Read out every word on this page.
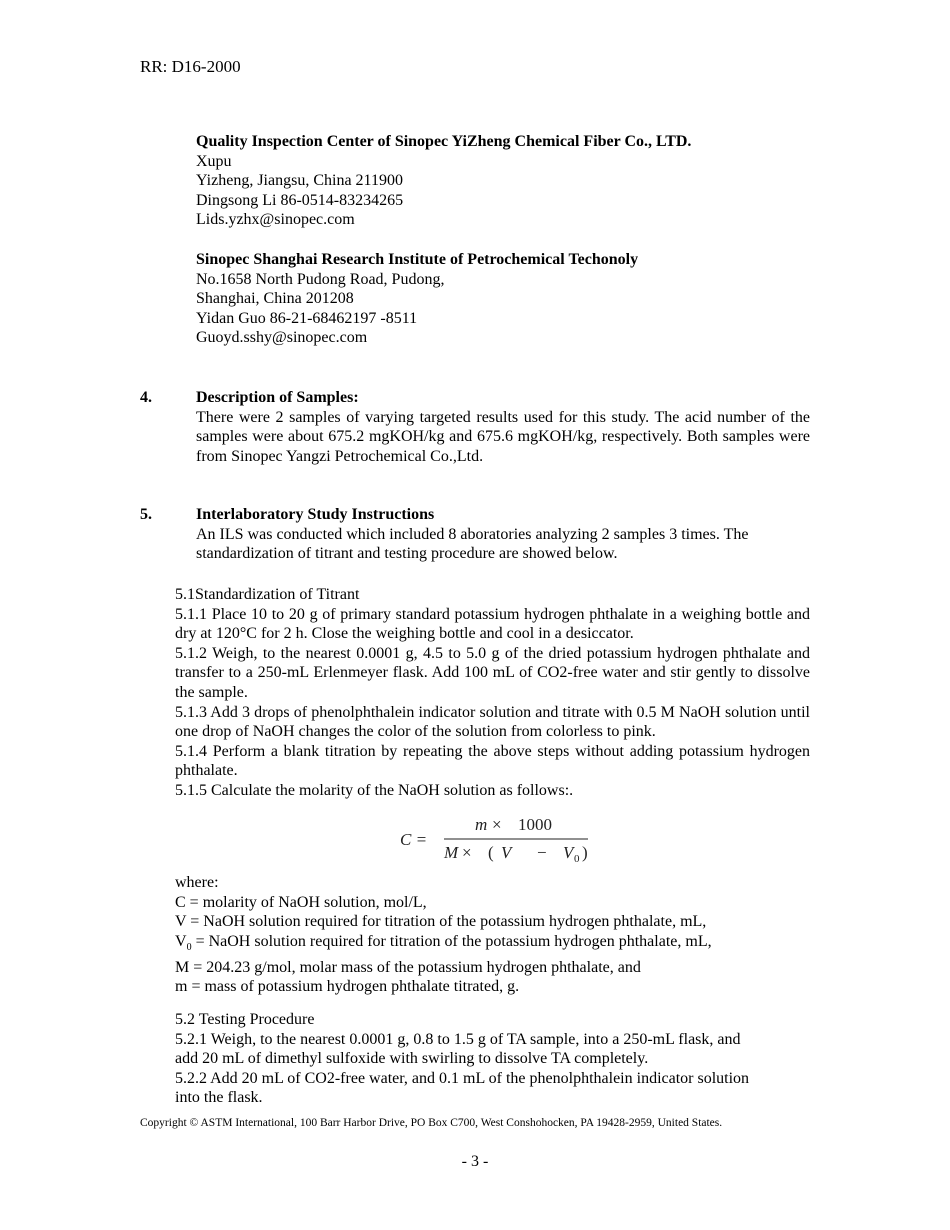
RR: D16-2000
Quality Inspection Center of Sinopec YiZheng Chemical Fiber Co., LTD.
Xupu
Yizheng, Jiangsu, China 211900
Dingsong Li 86-0514-83234265
Lids.yzhx@sinopec.com
Sinopec Shanghai Research Institute of Petrochemical Techonoly
No.1658 North Pudong Road, Pudong,
Shanghai, China 201208
Yidan Guo 86-21-68462197 -8511
Guoyd.sshy@sinopec.com
4.	Description of Samples:
There were 2 samples of varying targeted results used for this study. The acid number of the samples were about 675.2 mgKOH/kg and 675.6 mgKOH/kg, respectively. Both samples were from Sinopec Yangzi Petrochemical Co.,Ltd.
5.	Interlaboratory Study Instructions
An ILS was conducted which included 8 aboratories analyzing 2 samples 3 times. The
standardization of titrant and testing procedure are showed below.
5.1Standardization of Titrant
5.1.1 Place 10 to 20 g of primary standard potassium hydrogen phthalate in a weighing bottle and dry at 120°C for 2 h. Close the weighing bottle and cool in a desiccator.
5.1.2 Weigh, to the nearest 0.0001 g, 4.5 to 5.0 g of the dried potassium hydrogen phthalate and transfer to a 250-mL Erlenmeyer flask. Add 100 mL of CO2-free water and stir gently to dissolve the sample.
5.1.3 Add 3 drops of phenolphthalein indicator solution and titrate with 0.5 M NaOH solution until one drop of NaOH changes the color of the solution from colorless to pink.
5.1.4 Perform a blank titration by repeating the above steps without adding potassium hydrogen phthalate.
5.1.5 Calculate the molarity of the NaOH solution as follows:.
C =
m × 1000
M × ( V − V 0 )
where:
C = molarity of NaOH solution, mol/L,
V = NaOH solution required for titration of the potassium hydrogen phthalate, mL,
$V_0$ = NaOH solution required for titration of the potassium hydrogen phthalate, mL,
M = 204.23 g/mol, molar mass of the potassium hydrogen phthalate, and
m = mass of potassium hydrogen phthalate titrated, g.
5.2 Testing Procedure
5.2.1 Weigh, to the nearest 0.0001 g, 0.8 to 1.5 g of TA sample, into a 250-mL flask, and
add 20 mL of dimethyl sulfoxide with swirling to dissolve TA completely.
5.2.2 Add 20 mL of CO2-free water, and 0.1 mL of the phenolphthalein indicator solution
into the flask.
Copyright © ASTM International, 100 Barr Harbor Drive, PO Box C700, West Conshohocken, PA 19428-2959, United States.
- 3 -
